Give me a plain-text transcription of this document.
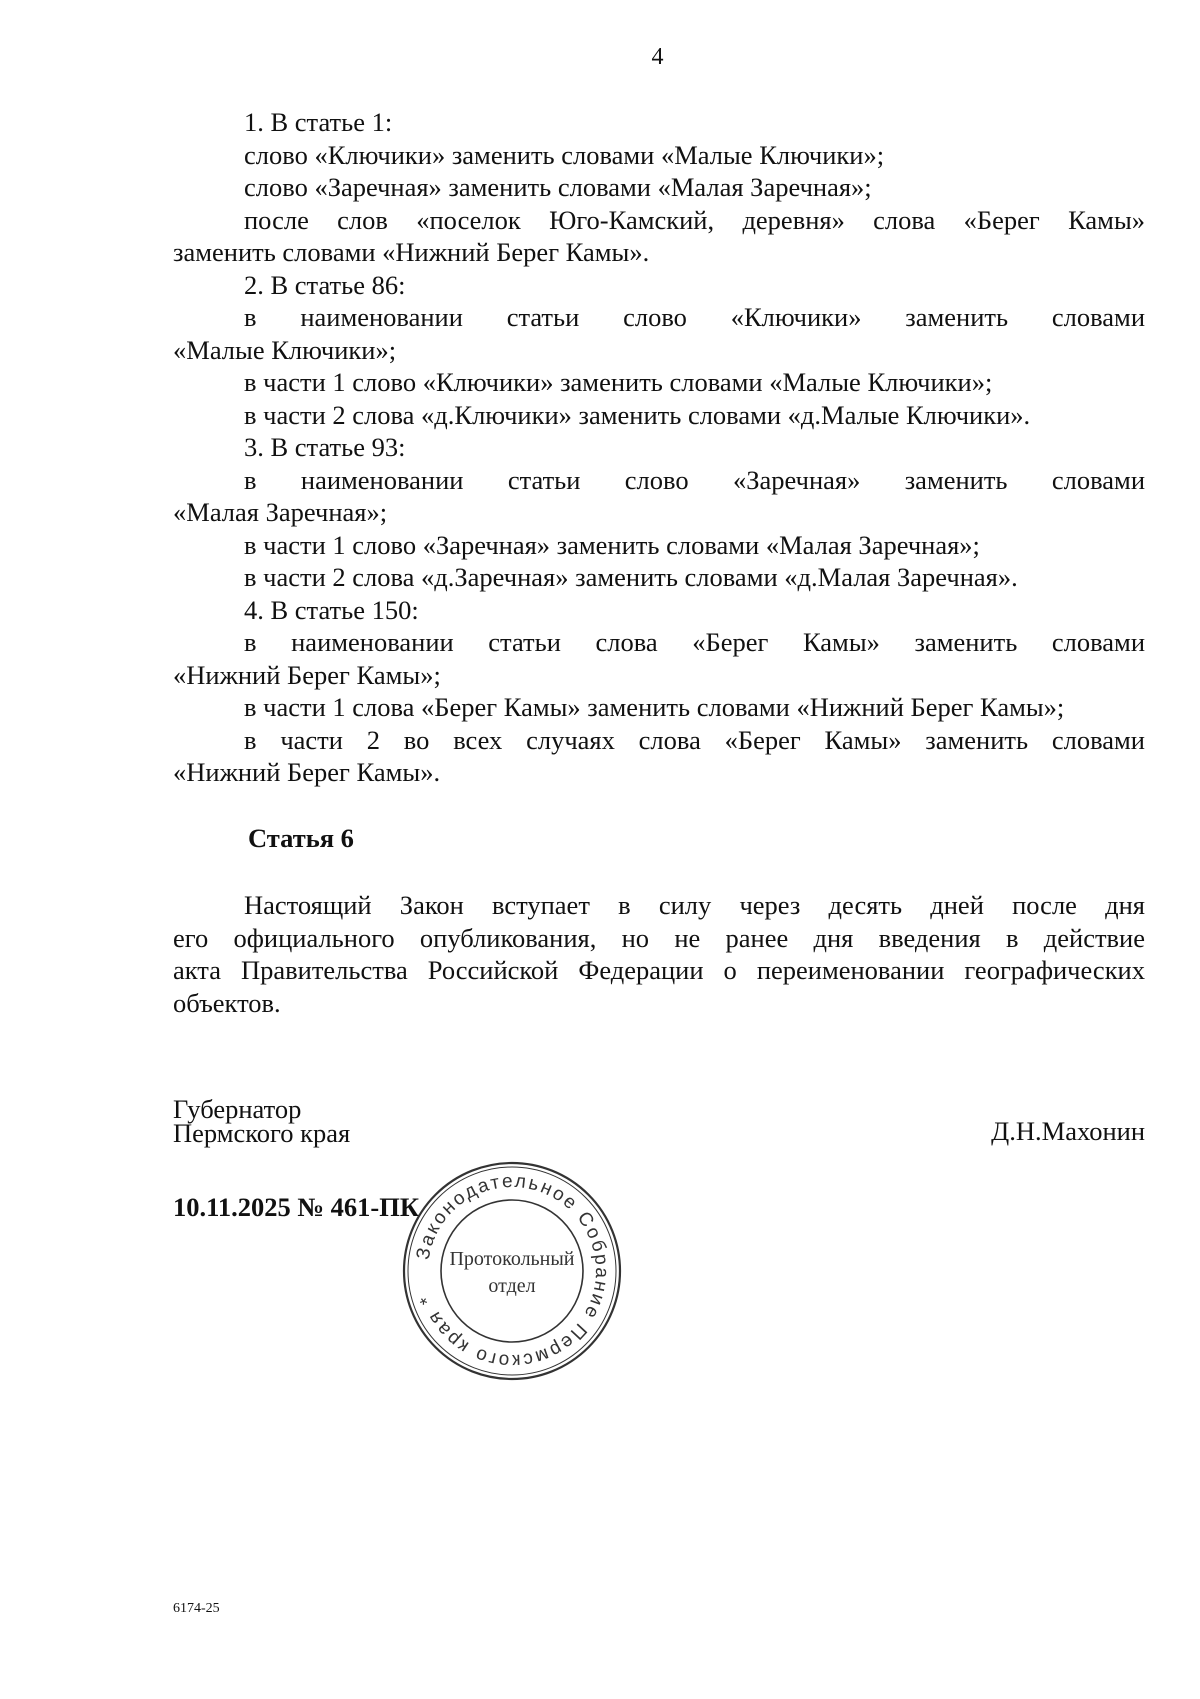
4

1. В статье 1:

слово «Ключики» заменить словами «Малые Ключики»;

слово «Заречная» заменить словами «Малая Заречная»;

после слов «поселок Юго-Камский, деревня» слова «Берег Камы»

заменить словами «Нижний Берег Камы».

2. В статье 86:

в наименовании статьи слово «Ключики» заменить словами

«Малые Ключики»;

в части 1 слово «Ключики» заменить словами «Малые Ключики»;

в части 2 слова «д.Ключики» заменить словами «д.Малые Ключики».

3. В статье 93:

в наименовании статьи слово «Заречная» заменить словами

«Малая Заречная»;

в части 1 слово «Заречная» заменить словами «Малая Заречная»;

в части 2 слова «д.Заречная» заменить словами «д.Малая Заречная».

4. В статье 150:

в наименовании статьи слова «Берег Камы» заменить словами

«Нижний Берег Камы»;

в части 1 слова «Берег Камы» заменить словами «Нижний Берег Камы»;

в части 2 во всех случаях слова «Берег Камы» заменить словами

«Нижний Берег Камы».

Статья 6

Настоящий Закон вступает в силу через десять дней после дня

его официального опубликования, но не ранее дня введения в действие

акта Правительства Российской Федерации о переименовании географических

объектов.

Губернатор
Пермского края	Д.Н.Махонин
10.11.2025 № 461-ПК
Законодательное Собрание Пермского края *
Протокольный
отдел
6174-25
